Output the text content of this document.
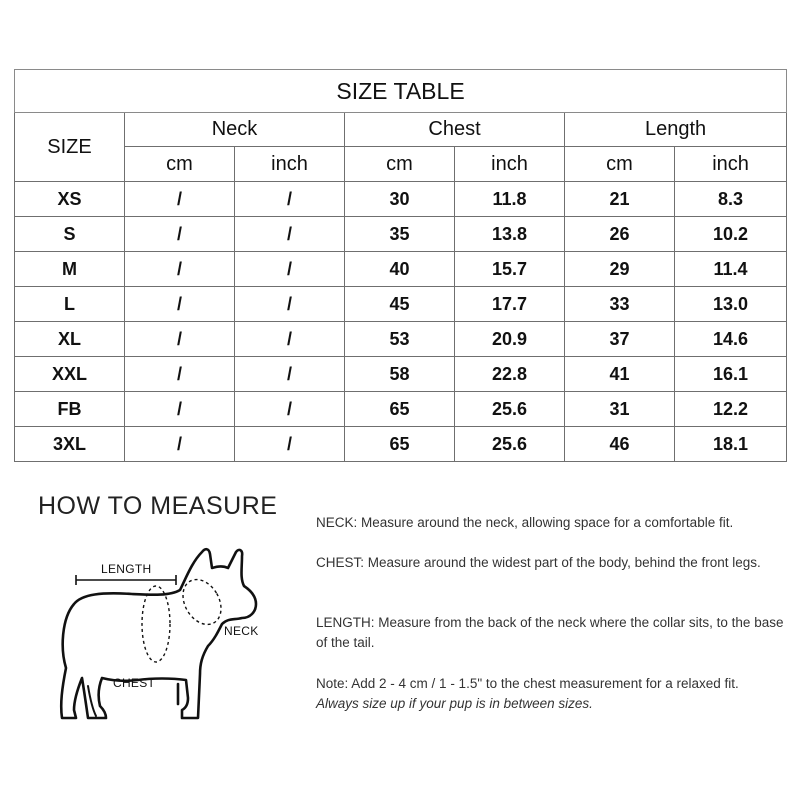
SIZE TABLE						
SIZE	Neck		Chest		Length	
	cm	inch	cm	inch	cm	inch
XS	/	/	30	11.8	21	8.3
S	/	/	35	13.8	26	10.2
M	/	/	40	15.7	29	11.4
L	/	/	45	17.7	33	13.0
XL	/	/	53	20.9	37	14.6
XXL	/	/	58	22.8	41	16.1
FB	/	/	65	25.6	31	12.2
3XL	/	/	65	25.6	46	18.1
HOW TO MEASURE
LENGTH
NECK
CHEST
NECK: Measure around the neck, allowing space for a comfortable fit.
CHEST: Measure around the widest part of the body, behind the front legs.
LENGTH: Measure from the back of the neck where the collar sits, to the base of the tail.
Note: Add 2 - 4 cm / 1 - 1.5" to the chest measurement for a relaxed fit.
Always size up if your pup is in between sizes.
